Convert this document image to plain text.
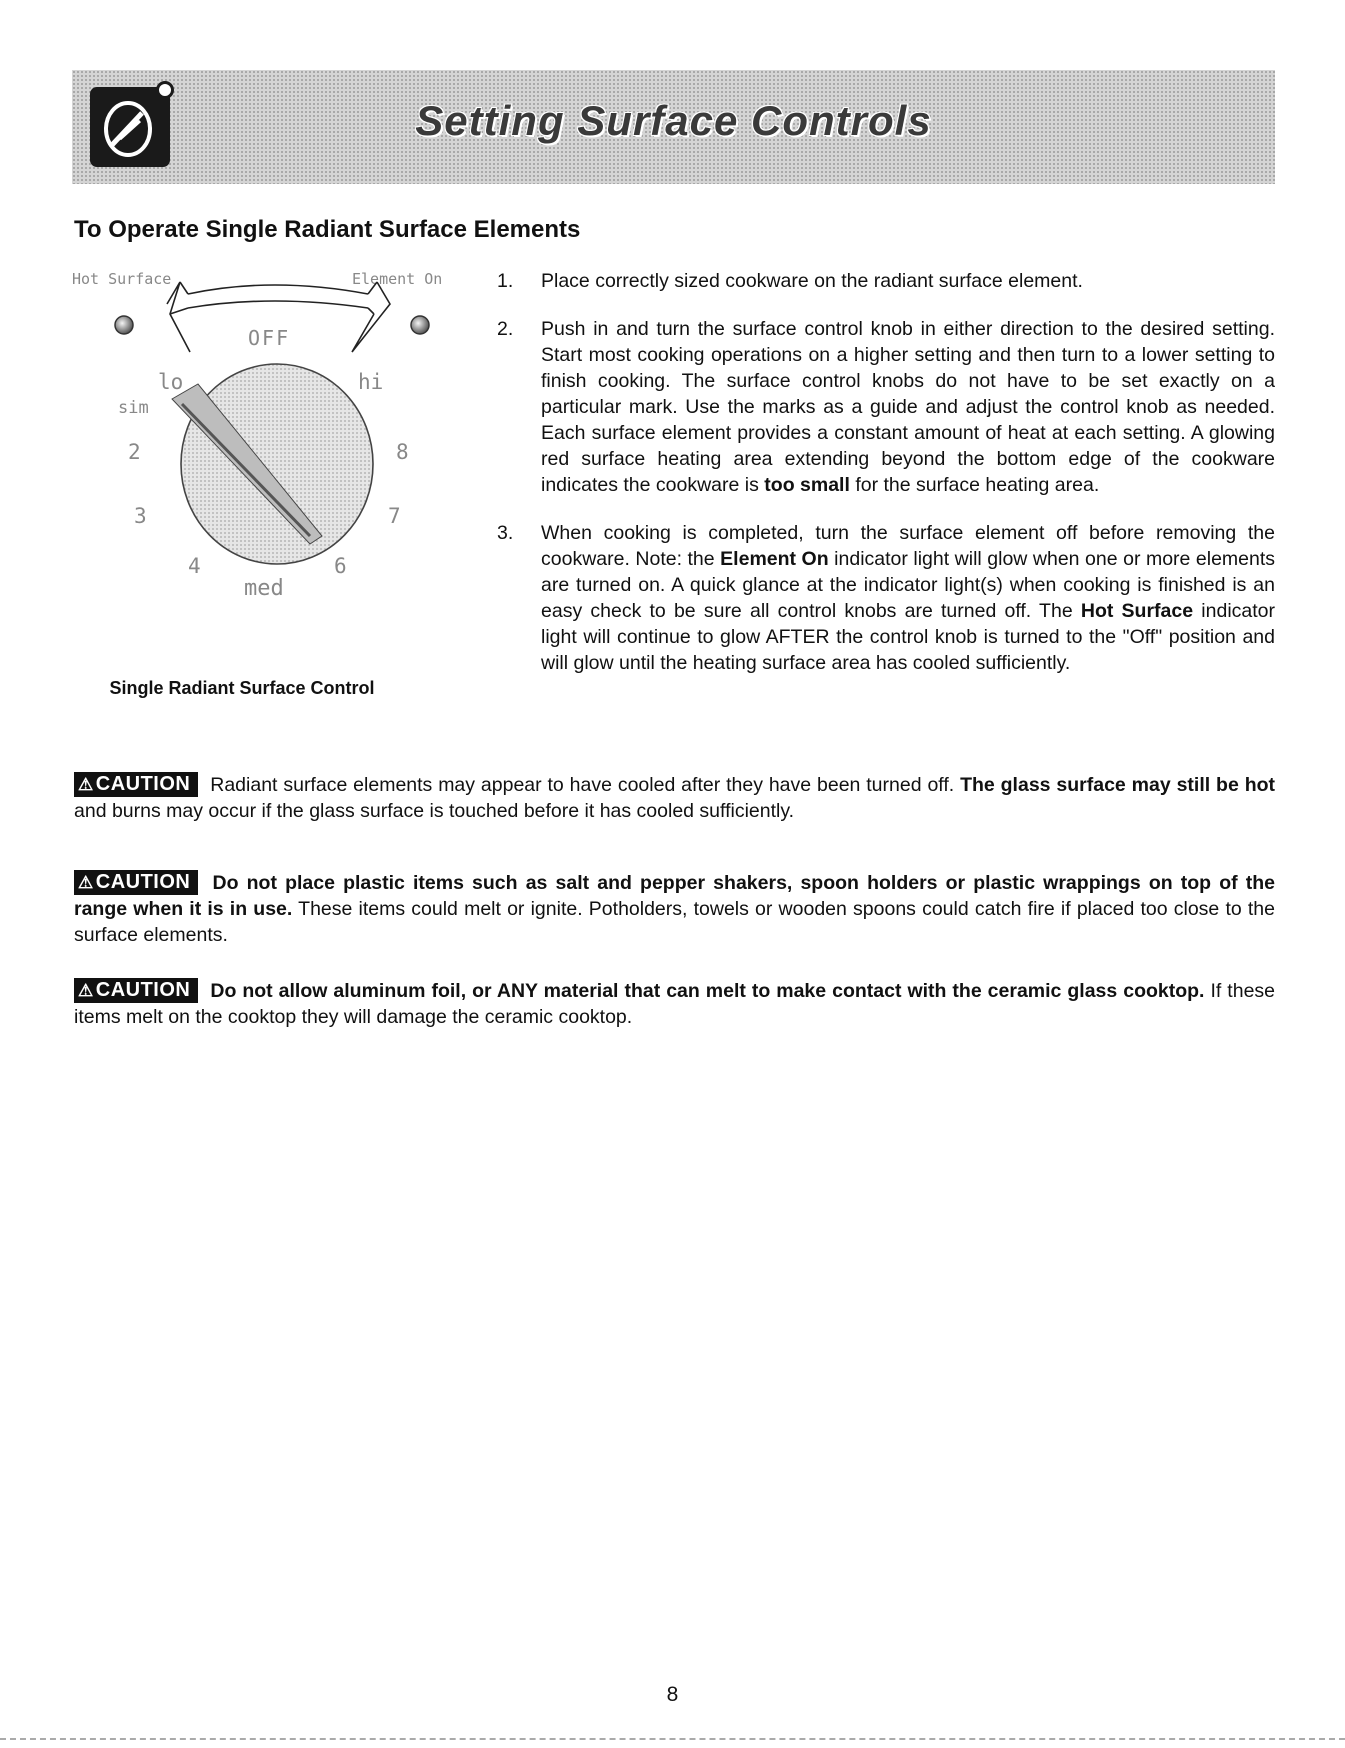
Setting Surface Controls
To Operate Single Radiant Surface Elements
Hot Surface	Element On
OFF
lo	hi
sim
2	8
3	7
4	6
med
Single Radiant Surface Control
1. Place correctly sized cookware on the radiant surface element.
2. Push in and turn the surface control knob in either direction to the desired setting. Start most cooking operations on a higher setting and then turn to a lower setting to finish cooking. The surface control knobs do not have to be set exactly on a particular mark. Use the marks as a guide and adjust the control knob as needed. Each surface element provides a constant amount of heat at each setting. A glowing red surface heating area extending beyond the bottom edge of the cookware indicates the cookware is too small for the surface heating area.
3. When cooking is completed, turn the surface element off before removing the cookware. Note: the Element On indicator light will glow when one or more elements are turned on. A quick glance at the indicator light(s) when cooking is finished is an easy check to be sure all control knobs are turned off. The Hot Surface indicator light will continue to glow AFTER the control knob is turned to the "Off" position and will glow until the heating surface area has cooled sufficiently.
⚠ CAUTION Radiant surface elements may appear to have cooled after they have been turned off. The glass surface may still be hot and burns may occur if the glass surface is touched before it has cooled sufficiently.
⚠ CAUTION Do not place plastic items such as salt and pepper shakers, spoon holders or plastic wrappings on top of the range when it is in use. These items could melt or ignite. Potholders, towels or wooden spoons could catch fire if placed too close to the surface elements.
⚠ CAUTION Do not allow aluminum foil, or ANY material that can melt to make contact with the ceramic glass cooktop. If these items melt on the cooktop they will damage the ceramic cooktop.
8
